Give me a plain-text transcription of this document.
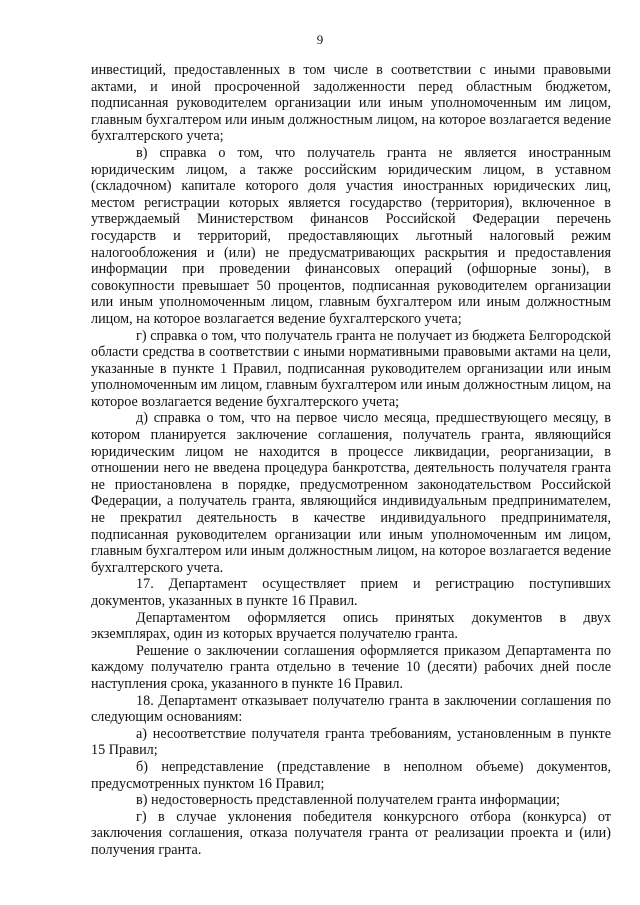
9

инвестиций, предоставленных в том числе в соответствии с иными правовыми актами, и иной просроченной задолженности перед областным бюджетом, подписанная руководителем организации или иным уполномоченным им лицом, главным бухгалтером или иным должностным лицом, на которое возлагается ведение бухгалтерского учета;

в) справка о том, что получатель гранта не является иностранным юридическим лицом, а также российским юридическим лицом, в уставном (складочном) капитале которого доля участия иностранных юридических лиц, местом регистрации которых является государство (территория), включенное в утверждаемый Министерством финансов Российской Федерации перечень государств и территорий, предоставляющих льготный налоговый режим налогообложения и (или) не предусматривающих раскрытия и предоставления информации при проведении финансовых операций (офшорные зоны), в совокупности превышает 50 процентов, подписанная руководителем организации или иным уполномоченным лицом, главным бухгалтером или иным должностным лицом, на которое возлагается ведение бухгалтерского учета;

г) справка о том, что получатель гранта не получает из бюджета Белгородской области средства в соответствии с иными нормативными правовыми актами на цели, указанные в пункте 1 Правил, подписанная руководителем организации или иным уполномоченным им лицом, главным бухгалтером или иным должностным лицом, на которое возлагается ведение бухгалтерского учета;

д) справка о том, что на первое число месяца, предшествующего месяцу, в котором планируется заключение соглашения, получатель гранта, являющийся юридическим лицом не находится в процессе ликвидации, реорганизации, в отношении него не введена процедура банкротства, деятельность получателя гранта не приостановлена в порядке, предусмотренном законодательством Российской Федерации, а получатель гранта, являющийся индивидуальным предпринимателем, не прекратил деятельность в качестве индивидуального предпринимателя, подписанная руководителем организации или иным уполномоченным им лицом, главным бухгалтером или иным должностным лицом, на которое возлагается ведение бухгалтерского учета.

17. Департамент осуществляет прием и регистрацию поступивших документов, указанных в пункте 16 Правил.

Департаментом оформляется опись принятых документов в двух экземплярах, один из которых вручается получателю гранта.

Решение о заключении соглашения оформляется приказом Департамента по каждому получателю гранта отдельно в течение 10 (десяти) рабочих дней после наступления срока, указанного в пункте 16 Правил.

18. Департамент отказывает получателю гранта в заключении соглашения по следующим основаниям:

а) несоответствие получателя гранта требованиям, установленным в пункте 15 Правил;

б) непредставление (представление в неполном объеме) документов, предусмотренных пунктом 16 Правил;

в) недостоверность представленной получателем гранта информации;

г) в случае уклонения победителя конкурсного отбора (конкурса) от заключения соглашения, отказа получателя гранта от реализации проекта и (или) получения гранта.
